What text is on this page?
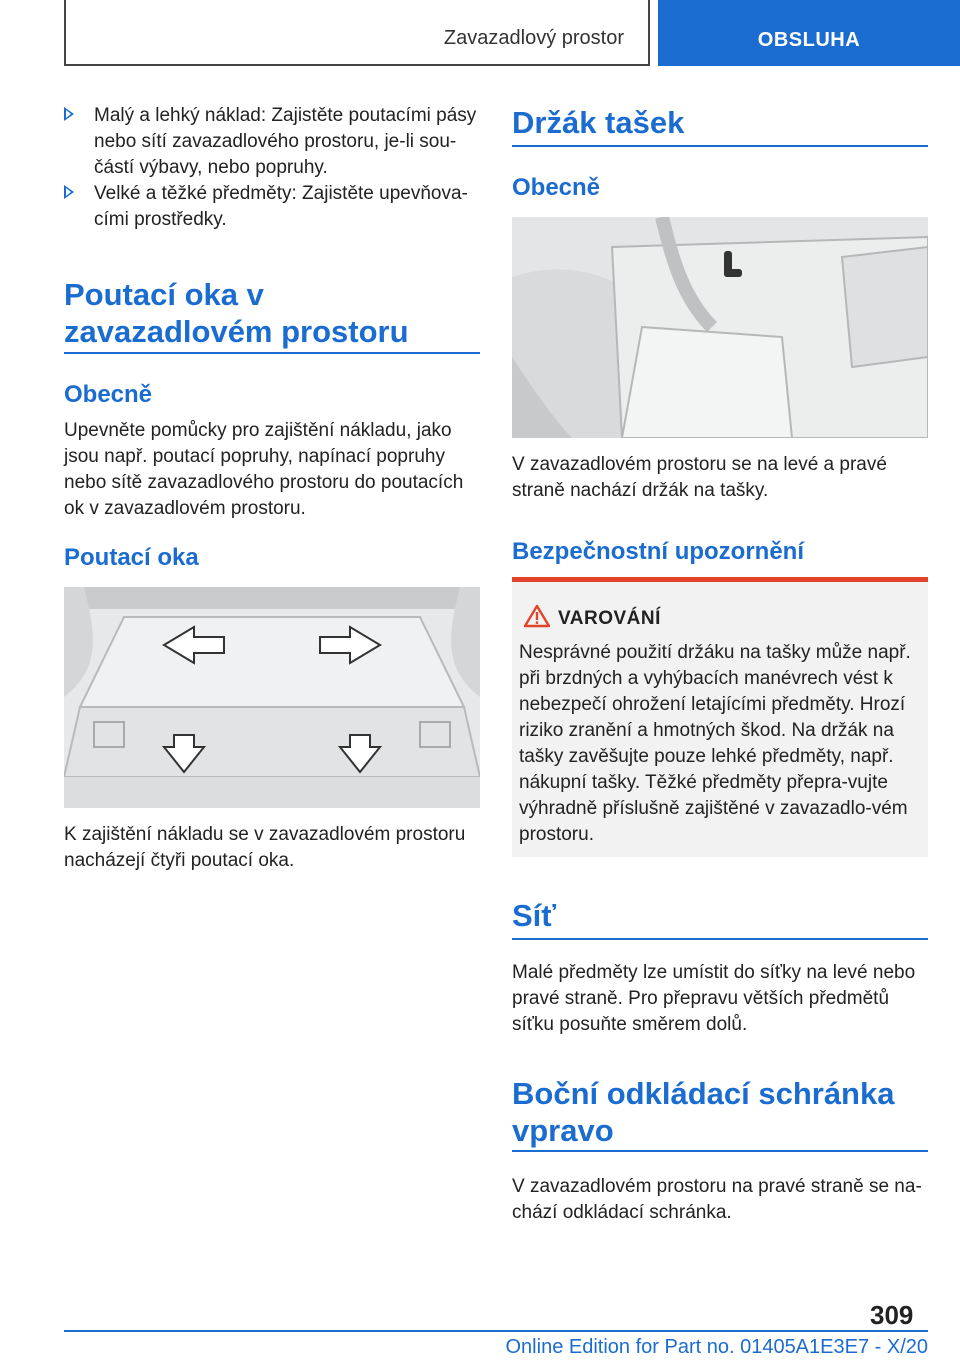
Zavazadlový prostor	OBSLUHA
Malý a lehký náklad: Zajistěte poutacími pásy nebo sítí zavazadlového prostoru, je-li sou-částí výbavy, nebo popruhy.
Velké a těžké předměty: Zajistěte upevňova-cími prostředky.
Poutací oka v zavazadlovém prostoru
Obecně
Upevněte pomůcky pro zajištění nákladu, jako jsou např. poutací popruhy, napínací popruhy nebo sítě zavazadlového prostoru do poutacích ok v zavazadlovém prostoru.
Poutací oka
K zajištění nákladu se v zavazadlovém prostoru nacházejí čtyři poutací oka.
Držák tašek
Obecně
V zavazadlovém prostoru se na levé a pravé straně nachází držák na tašky.
Bezpečnostní upozornění
VAROVÁNÍ
Nesprávné použití držáku na tašky může např. při brzdných a vyhýbacích manévrech vést k nebezpečí ohrožení letajícími předměty. Hrozí riziko zranění a hmotných škod. Na držák na tašky zavěšujte pouze lehké předměty, např. nákupní tašky. Těžké předměty přepra-vujte výhradně příslušně zajištěné v zavazadlo-vém prostoru.
Síť
Malé předměty lze umístit do síťky na levé nebo pravé straně. Pro přepravu větších předmětů síťku posuňte směrem dolů.
Boční odkládací schránka vpravo
V zavazadlovém prostoru na pravé straně se na-chází odkládací schránka.
309
Online Edition for Part no. 01405A1E3E7 - X/20
